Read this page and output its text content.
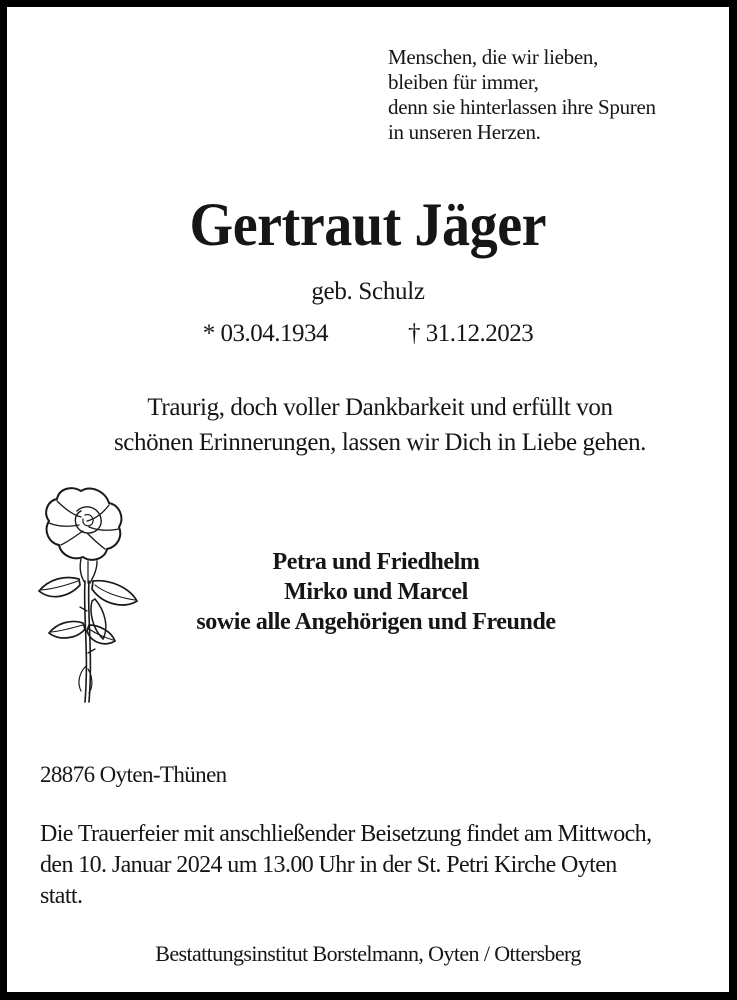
Menschen, die wir lieben,
bleiben für immer,
denn sie hinterlassen ihre Spuren
in unseren Herzen.
Gertraut Jäger
geb. Schulz
* 03.04.1934	† 31.12.2023
Traurig, doch voller Dankbarkeit und erfüllt von
schönen Erinnerungen, lassen wir Dich in Liebe gehen.
Petra und Friedhelm
Mirko und Marcel
sowie alle Angehörigen und Freunde
28876 Oyten-Thünen
Die Trauerfeier mit anschließender Beisetzung findet am Mittwoch,
den 10. Januar 2024 um 13.00 Uhr in der St. Petri Kirche Oyten
statt.
Bestattungsinstitut Borstelmann, Oyten / Ottersberg
